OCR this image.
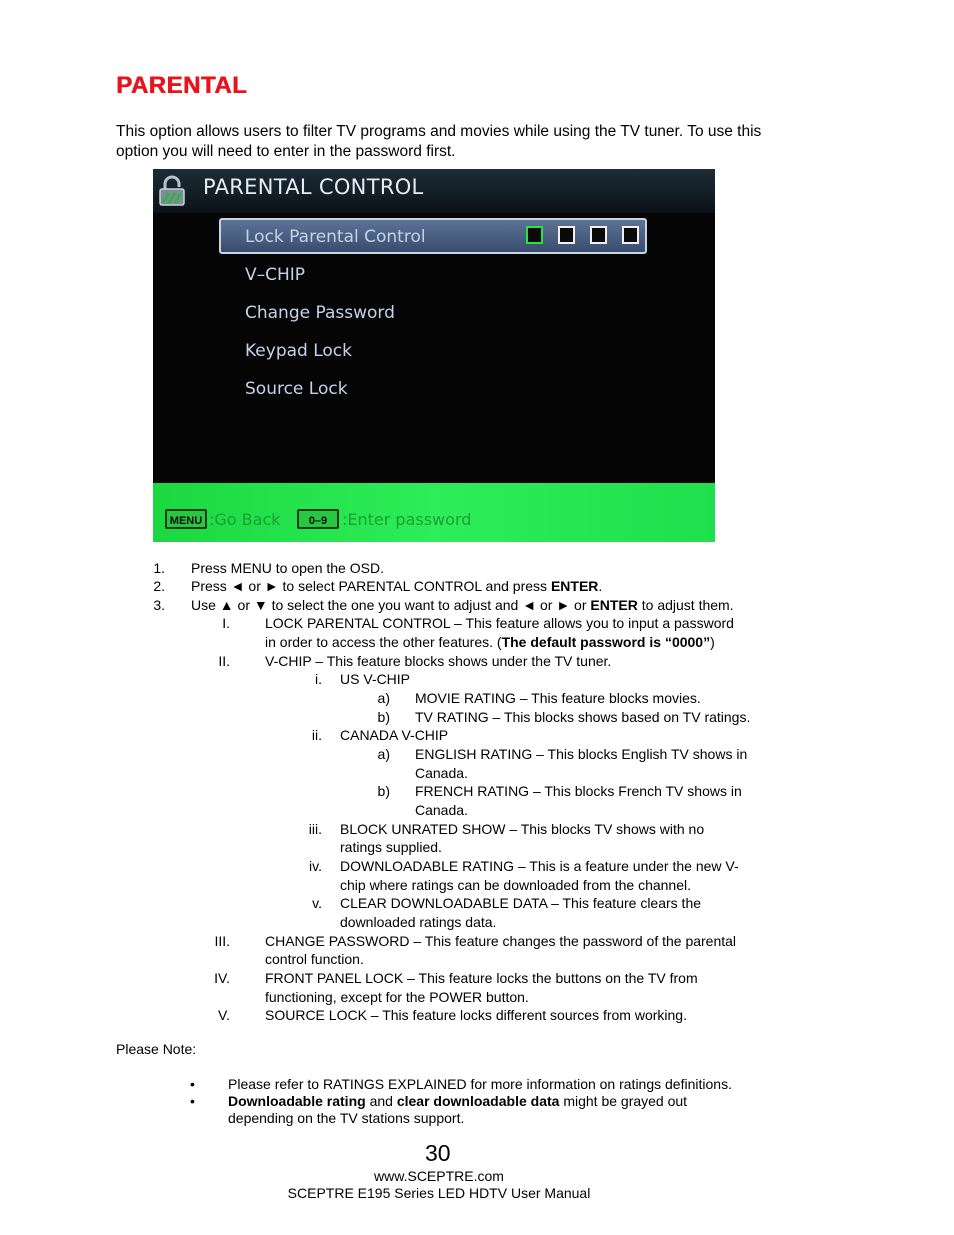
PARENTAL
This option allows users to filter TV programs and movies while using the TV tuner. To use this option you will need to enter in the password first.
PARENTAL CONTROL
Lock Parental Control
V–CHIP
Change Password
Keypad Lock
Source Lock
MENU :Go Back	0–9 :Enter password
1. Press MENU to open the OSD.
2. Press ◄ or ► to select PARENTAL CONTROL and press ENTER.
3. Use ▲ or ▼ to select the one you want to adjust and ◄ or ► or ENTER to adjust them.
I.	LOCK PARENTAL CONTROL – This feature allows you to input a password
in order to access the other features. (The default password is “0000”)
II.	V-CHIP – This feature blocks shows under the TV tuner.
i. US V-CHIP
a) MOVIE RATING – This feature blocks movies.
b) TV RATING – This blocks shows based on TV ratings.
ii. CANADA V-CHIP
a) ENGLISH RATING – This blocks English TV shows in
Canada.
b) FRENCH RATING – This blocks French TV shows in
Canada.
iii. BLOCK UNRATED SHOW – This blocks TV shows with no
ratings supplied.
iv. DOWNLOADABLE RATING – This is a feature under the new V-
chip where ratings can be downloaded from the channel.
v. CLEAR DOWNLOADABLE DATA – This feature clears the
downloaded ratings data.
III.	CHANGE PASSWORD – This feature changes the password of the parental
control function.
IV.	FRONT PANEL LOCK – This feature locks the buttons on the TV from
functioning, except for the POWER button.
V.	SOURCE LOCK – This feature locks different sources from working.
Please Note:
• Please refer to RATINGS EXPLAINED for more information on ratings definitions.
• Downloadable rating and clear downloadable data might be grayed out
depending on the TV stations support.
30
www.SCEPTRE.com
SCEPTRE E195 Series LED HDTV User Manual
